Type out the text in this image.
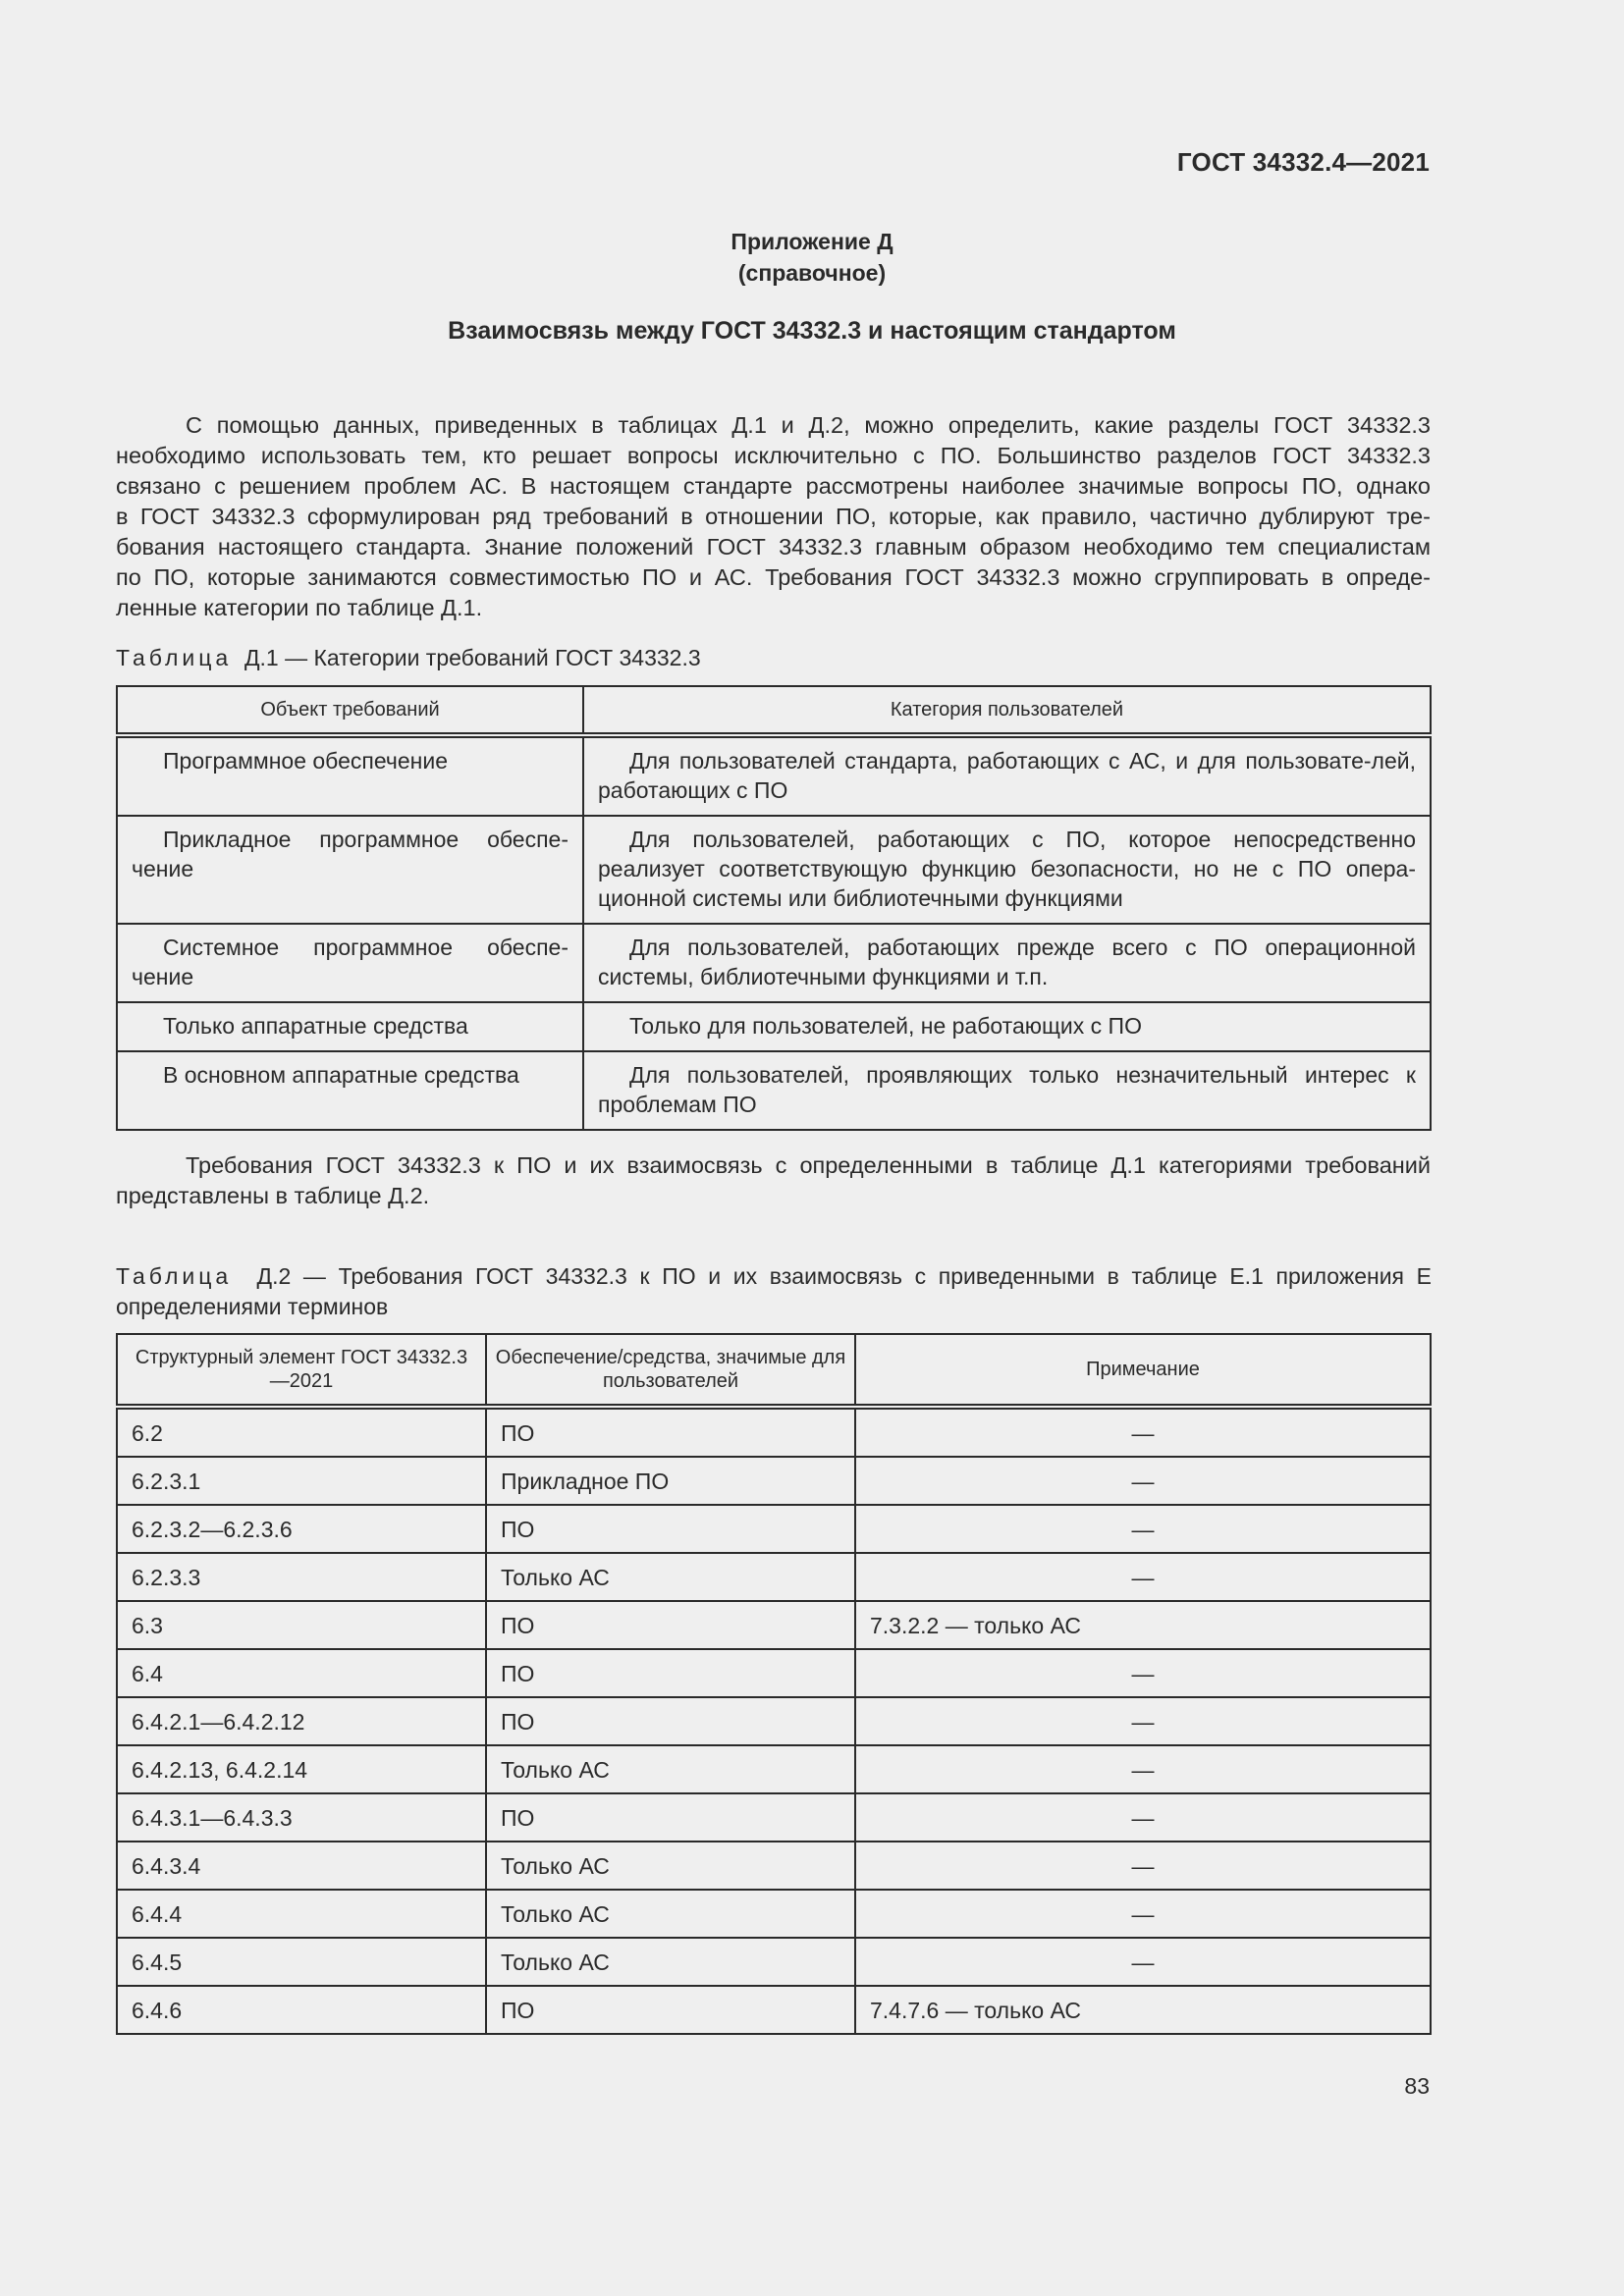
ГОСТ 34332.4—2021
Приложение Д
(справочное)
Взаимосвязь между ГОСТ 34332.3 и настоящим стандартом

С помощью данных, приведенных в таблицах Д.1 и Д.2, можно определить, какие разделы ГОСТ 34332.3
необходимо использовать тем, кто решает вопросы исключительно с ПО. Большинство разделов ГОСТ 34332.3
связано с решением проблем АС. В настоящем стандарте рассмотрены наиболее значимые вопросы ПО, однако
в ГОСТ 34332.3 сформулирован ряд требований в отношении ПО, которые, как правило, частично дублируют тре-
бования настоящего стандарта. Знание положений ГОСТ 34332.3 главным образом необходимо тем специалистам
по ПО, которые занимаются совместимостью ПО и АС. Требования ГОСТ 34332.3 можно сгруппировать в опреде-
ленные категории по таблице Д.1.

Таблица Д.1 — Категории требований ГОСТ 34332.3
Объект требований	Категория пользователей
Программное обеспечение	Для пользователей стандарта, работающих с АС, и для пользовате-лей, работающих с ПО
Прикладное программное обеспе-чение	Для пользователей, работающих с ПО, которое непосредственно реализует соответствующую функцию безопасности, но не с ПО опера-ционной системы или библиотечными функциями
Системное программное обеспе-чение	Для пользователей, работающих прежде всего с ПО операционной системы, библиотечными функциями и т.п.
Только аппаратные средства	Только для пользователей, не работающих с ПО
В основном аппаратные средства	Для пользователей, проявляющих только незначительный интерес к проблемам ПО

Требования ГОСТ 34332.3 к ПО и их взаимосвязь с определенными в таблице Д.1 категориями требований
представлены в таблице Д.2.

Таблица Д.2 — Требования ГОСТ 34332.3 к ПО и их взаимосвязь с приведенными в таблице Е.1 приложения Е
определениями терминов
Структурный элемент ГОСТ 34332.3—2021	Обеспечение/средства, значимые для пользователей	Примечание
6.2	ПО	—
6.2.3.1	Прикладное ПО	—
6.2.3.2—6.2.3.6	ПО	—
6.2.3.3	Только АС	—
6.3	ПО	7.3.2.2 — только АС
6.4	ПО	—
6.4.2.1—6.4.2.12	ПО	—
6.4.2.13, 6.4.2.14	Только АС	—
6.4.3.1—6.4.3.3	ПО	—
6.4.3.4	Только АС	—
6.4.4	Только АС	—
6.4.5	Только АС	—
6.4.6	ПО	7.4.7.6 — только АС
83
